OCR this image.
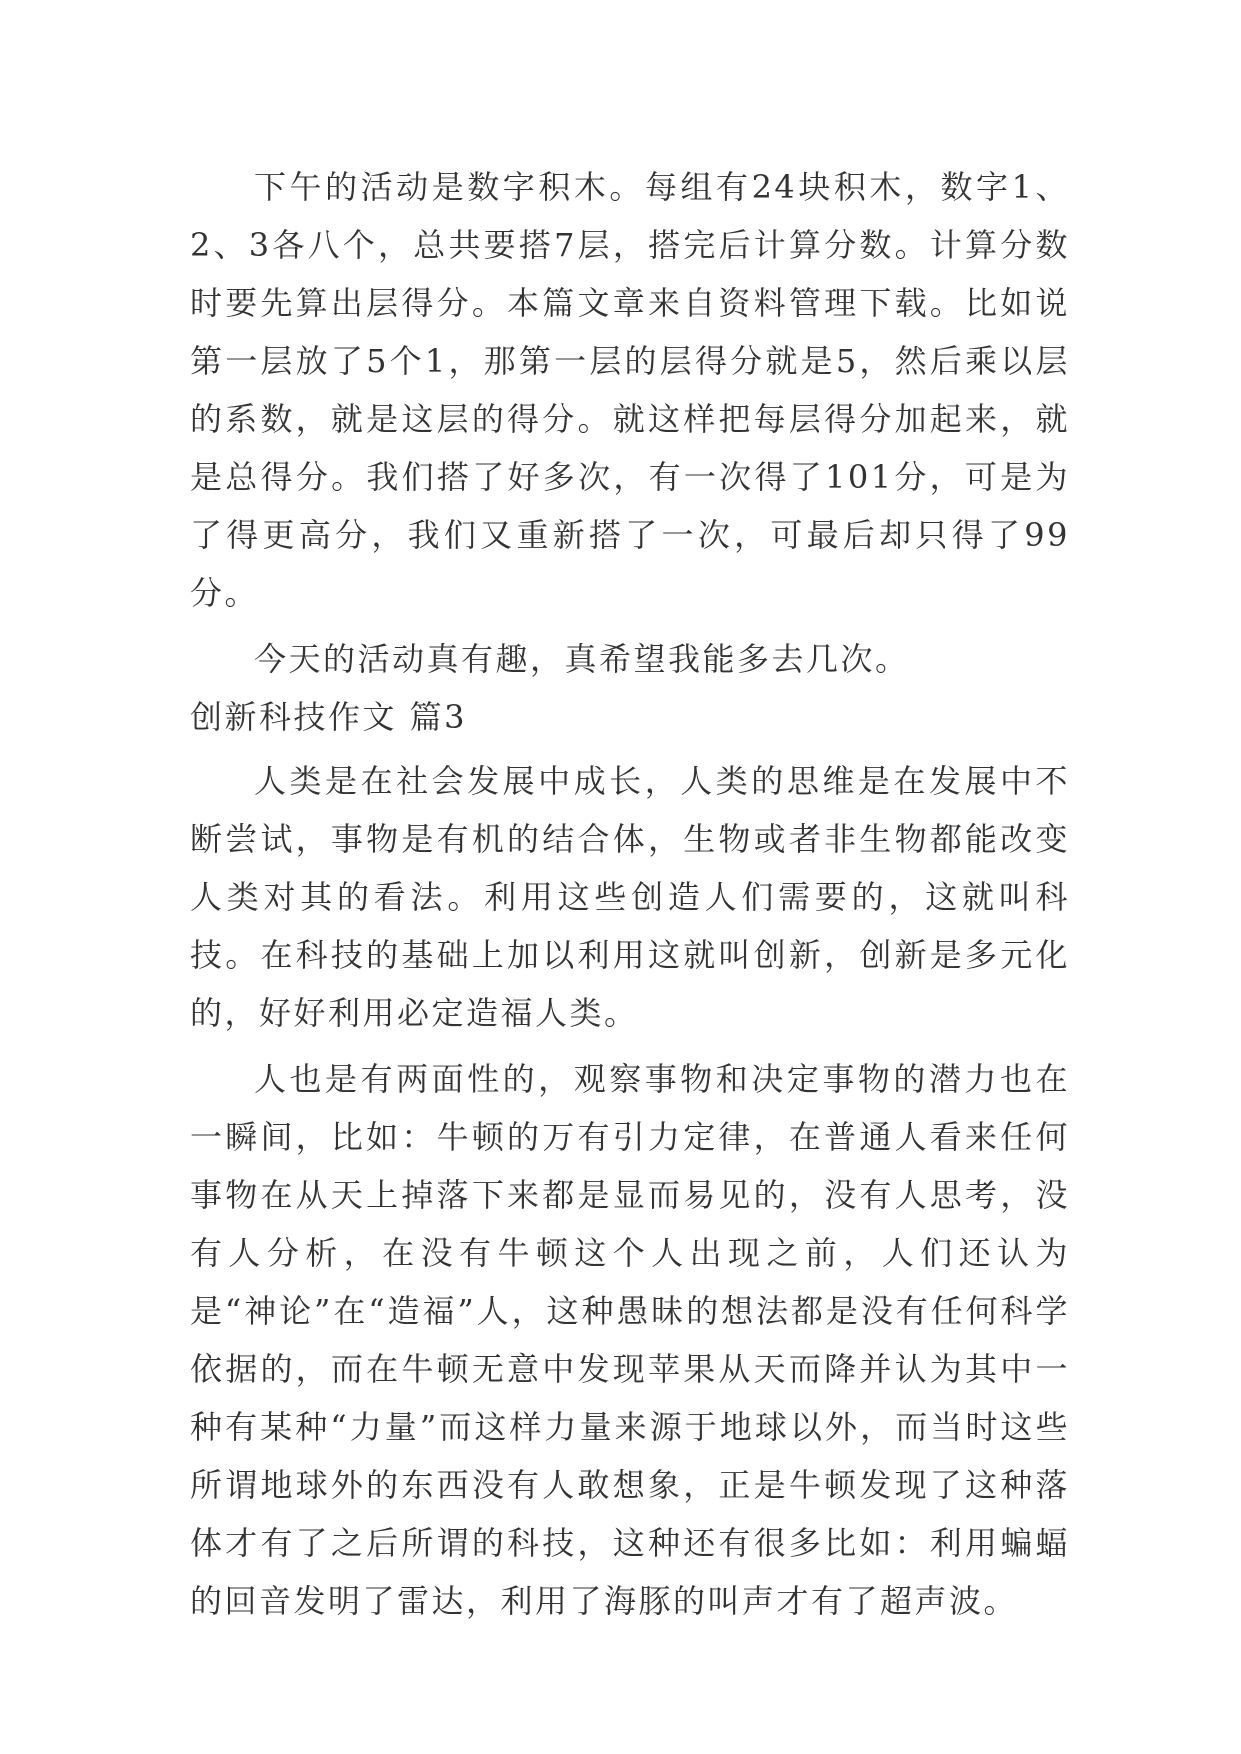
下午的活动是数字积木。每组有24块积木，数字1、2、3各八个，总共要搭7层，搭完后计算分数。计算分数时要先算出层得分。本篇文章来自资料管理下载。比如说第一层放了5个1，那第一层的层得分就是5，然后乘以层的系数，就是这层的得分。就这样把每层得分加起来，就是总得分。我们搭了好多次，有一次得了101分，可是为了得更高分，我们又重新搭了一次，可最后却只得了99分。

今天的活动真有趣，真希望我能多去几次。

创新科技作文 篇3

人类是在社会发展中成长，人类的思维是在发展中不断尝试，事物是有机的结合体，生物或者非生物都能改变人类对其的看法。利用这些创造人们需要的，这就叫科技。在科技的基础上加以利用这就叫创新，创新是多元化的，好好利用必定造福人类。

人也是有两面性的，观察事物和决定事物的潜力也在一瞬间，比如：牛顿的万有引力定律，在普通人看来任何事物在从天上掉落下来都是显而易见的，没有人思考，没有人分析，在没有牛顿这个人出现之前，人们还认为是“神论”在“造福”人，这种愚昧的想法都是没有任何科学依据的，而在牛顿无意中发现苹果从天而降并认为其中一种有某种“力量”而这样力量来源于地球以外，而当时这些所谓地球外的东西没有人敢想象，正是牛顿发现了这种落体才有了之后所谓的科技，这种还有很多比如：利用蝙蝠的回音发明了雷达，利用了海豚的叫声才有了超声波。
